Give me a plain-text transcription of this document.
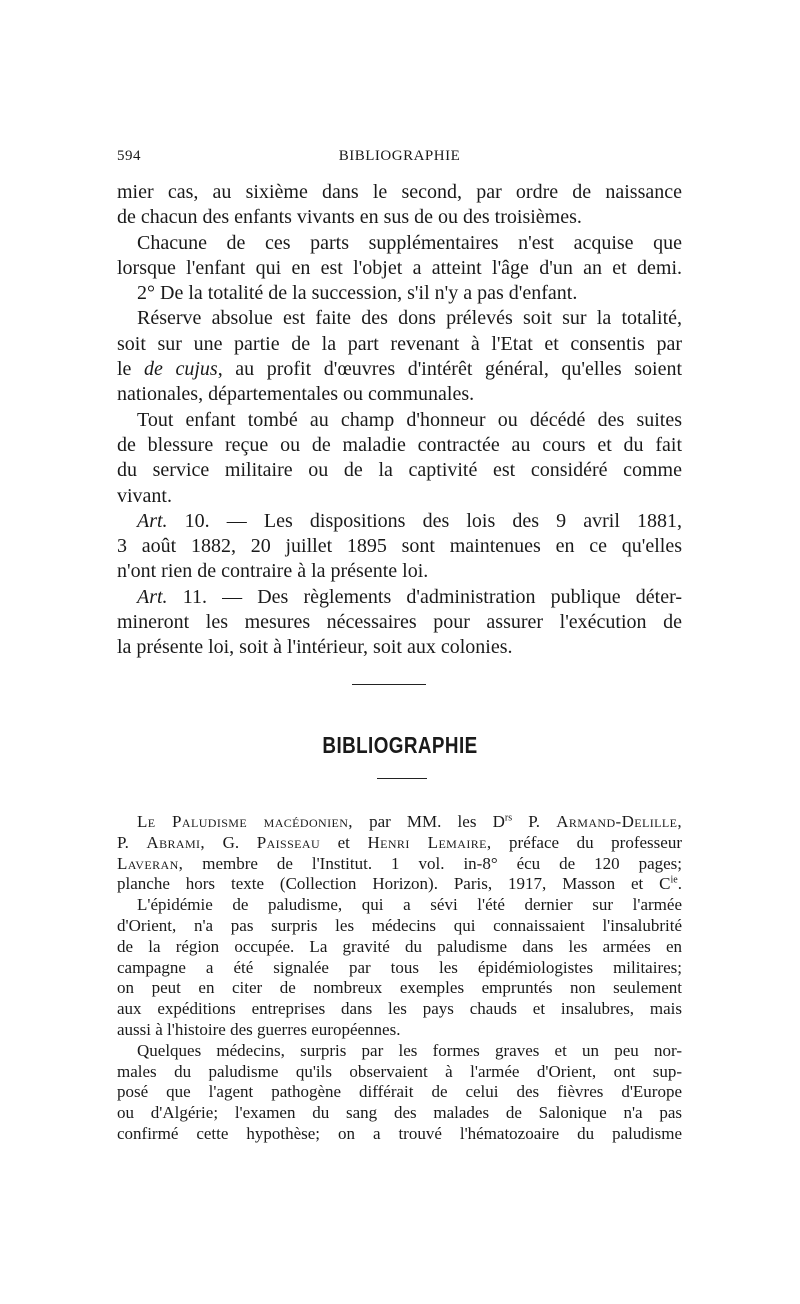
594	BIBLIOGRAPHIE

mier cas, au sixième dans le second, par ordre de naissance

de chacun des enfants vivants en sus de ou des troisièmes.

Chacune de ces parts supplémentaires n'est acquise que

lorsque l'enfant qui en est l'objet a atteint l'âge d'un an et demi.

2° De la totalité de la succession, s'il n'y a pas d'enfant.

Réserve absolue est faite des dons prélevés soit sur la totalité,

soit sur une partie de la part revenant à l'Etat et consentis par

le de cujus, au profit d'œuvres d'intérêt général, qu'elles soient

nationales, départementales ou communales.

Tout enfant tombé au champ d'honneur ou décédé des suites

de blessure reçue ou de maladie contractée au cours et du fait

du service militaire ou de la captivité est considéré comme

vivant.

Art. 10. — Les dispositions des lois des 9 avril 1881,

3 août 1882, 20 juillet 1895 sont maintenues en ce qu'elles

n'ont rien de contraire à la présente loi.

Art. 11. — Des règlements d'administration publique déter-

mineront les mesures nécessaires pour assurer l'exécution de

la présente loi, soit à l'intérieur, soit aux colonies.

BIBLIOGRAPHIE

Le Paludisme macédonien, par MM. les $D^{rs}$ P. Armand-Delille,

P. Abrami, G. Paisseau et Henri Lemaire, préface du professeur

Laveran, membre de l'Institut. 1 vol. in-8° écu de 120 pages;

planche hors texte (Collection Horizon). Paris, 1917, Masson et $C^{ie}$.

L'épidémie de paludisme, qui a sévi l'été dernier sur l'armée

d'Orient, n'a pas surpris les médecins qui connaissaient l'insalubrité

de la région occupée. La gravité du paludisme dans les armées en

campagne a été signalée par tous les épidémiologistes militaires;

on peut en citer de nombreux exemples empruntés non seulement

aux expéditions entreprises dans les pays chauds et insalubres, mais

aussi à l'histoire des guerres européennes.

Quelques médecins, surpris par les formes graves et un peu nor-

males du paludisme qu'ils observaient à l'armée d'Orient, ont sup-

posé que l'agent pathogène différait de celui des fièvres d'Europe

ou d'Algérie; l'examen du sang des malades de Salonique n'a pas

confirmé cette hypothèse; on a trouvé l'hématozoaire du paludisme
